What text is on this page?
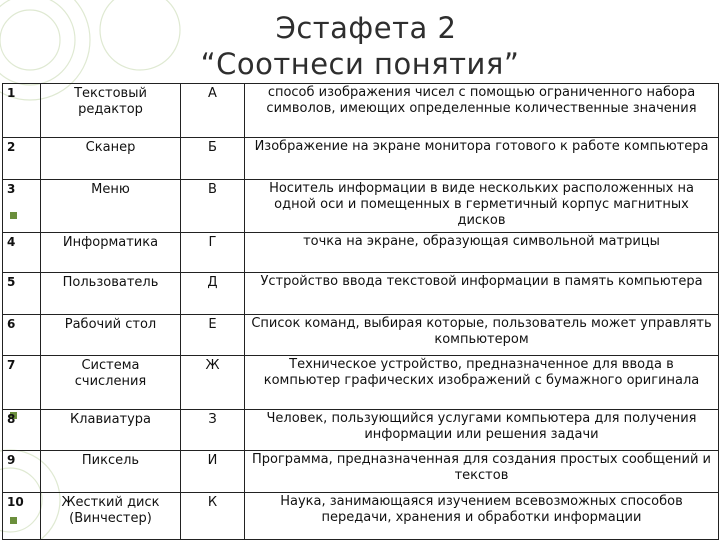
Эстафета 2
“Соотнеси понятия”
1	Текстовый редактор	А	способ изображения чисел с помощью ограниченного набора символов, имеющих определенные количественные значения
2	Сканер	Б	Изображение на экране монитора готового к работе компьютера
3	Меню	В	Носитель информации в виде нескольких расположенных на одной оси и помещенных в герметичный корпус магнитных дисков
4	Информатика	Г	точка на экране, образующая символьной матрицы
5	Пользователь	Д	Устройство ввода текстовой информации в память компьютера
6	Рабочий стол	Е	Список команд, выбирая которые, пользователь может управлять компьютером
7	Система счисления	Ж	Техническое устройство, предназначенное для ввода в компьютер графических изображений с бумажного оригинала
8	Клавиатура	З	Человек, пользующийся услугами компьютера для получения информации или решения задачи
9	Пиксель	И	Программа, предназначенная для создания простых сообщений и текстов
10	Жесткий диск (Винчестер)	К	Наука, занимающаяся изучением всевозможных способов передачи, хранения и обработки информации
